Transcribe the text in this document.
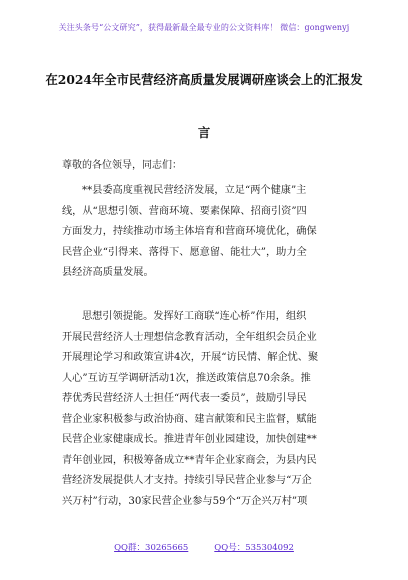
关注头条号“公文研究”，获得最新最全最专业的公文资料库！ 微信：gongwenyj
在2024年全市民营经济高质量发展调研座谈会上的汇报发
言
尊敬的各位领导，同志们：
**县委高度重视民营经济发展，立足“两个健康”主
线，从“思想引领、营商环境、要素保障、招商引资”四
方面发力，持续推动市场主体培育和营商环境优化，确保
民营企业“引得来、落得下、愿意留、能壮大”，助力全
县经济高质量发展。
思想引领提能。发挥好工商联“连心桥”作用，组织
开展民营经济人士理想信念教育活动，全年组织会员企业
开展理论学习和政策宣讲4次，开展“访民情、解企忧、聚
人心”互访互学调研活动1次，推送政策信息70余条。推
荐优秀民营经济人士担任“两代表一委员”，鼓励引导民
营企业家积极参与政治协商、建言献策和民主监督，赋能
民营企业家健康成长。推进青年创业园建设，加快创建**
青年创业园，积极筹备成立**青年企业家商会，为县内民
营经济发展提供人才支持。持续引导民营企业参与“万企
兴万村”行动，30家民营企业参与59个“万企兴万村”项
QQ群：30265665	QQ号：535304092
